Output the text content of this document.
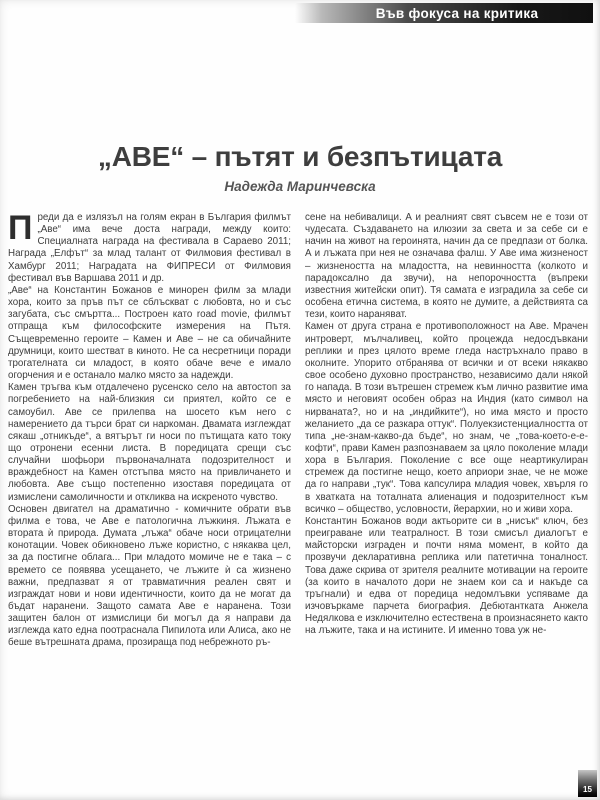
Във фокуса на критика
„АВЕ“ – пътят и безпътицата
Надежда Маринчевска

Преди да е излязъл на голям екран в България филмът „Аве“ има вече доста награди, между които: Специалната награда на фестивала в Сараево 2011; Награда „Елфът“ за млад талант от Филмовия фестивал в Хамбург 2011; Наградата на ФИПРЕСИ от Филмовия фестивал във Варшава 2011 и др.

„Аве“ на Константин Божанов е минорен филм за млади хора, които за пръв път се сблъскват с любовта, но и със загубата, със смъртта... Построен като road movie, филмът отпраща към философските измерения на Пътя. Същевременно героите – Камен и Аве – не са обичайните друмници, които шестват в киното. Не са несретници поради трогателната си младост, в която обаче вече е имало огорчения и е останало малко място за надежди.

Камен тръгва към отдалечено русенско село на автостоп за погребението на най-близкия си приятел, който се е самоубил. Аве се прилепва на шосето към него с намерението да търси брат си наркоман. Двамата изглеждат сякаш „отникъде“, а вятърът ги носи по пътищата като току що отронени есенни листа. В поредицата срещи със случайни шофьори първоначалната подозрителност и враждебност на Камен отстъпва място на привличането и любовта. Аве също постепенно изоставя поредицата от измислени самоличности и откликва на искреното чувство.

Основен двигател на драматично - комичните обрати във филма е това, че Аве е патологична лъжкиня. Лъжата е втората ѝ природа. Думата „лъжа“ обаче носи отрицателни конотации. Човек обикновено лъже користно, с някаква цел, за да постигне облага... При младото момиче не е така – с времето се появява усещането, че лъжите ѝ са жизнено важни, предпазват я от травматичния реален свят и изграждат нови и нови идентичности, които да не могат да бъдат наранени. Защото самата Аве е наранена. Този защитен балон от измислици би могъл да я направи да изглежда като една поотраснала Пипилота или Алиса, ако не беше вътрешната драма, прозираща под небрежното ръ-

сене на небивалици. А и реалният свят съвсем не е този от чудесата. Създаването на илюзии за света и за себе си е начин на живот на героинята, начин да се предпази от болка. А и лъжата при нея не означава фалш. У Аве има жизненост – жизнеността на младостта, на невинността (колкото и парадоксално да звучи), на непорочността (въпреки известния житейски опит). Тя самата е изградила за себе си особена етична система, в която не думите, а действията са тези, които нараняват.

Камен от друга страна е противоположност на Аве. Мрачен интроверт, мълчаливец, който процежда недосдъвкани реплики и през цялото време гледа настръхнало право в околните. Упорито отбранява от всички и от всеки някакво свое особено духовно пространство, независимо дали някой го напада. В този вътрешен стремеж към лично развитие има място и неговият особен образ на Индия (като символ на нирваната?, но и на „индийките“), но има място и просто желанието „да се разкара оттук“. Полуекзистенциалността от типа „не-знам-какво-да бъде“, но знам, че „това-което-е-е-кофти“, прави Камен разпознаваем за цяло поколение млади хора в България. Поколение с все още неартикулиран стремеж да постигне нещо, което априори знае, че не може да го направи „тук“. Това капсулира младия човек, хвърля го в хватката на тоталната алиенация и подозрителност към всичко – общество, условности, йерархии, но и живи хора.

Константин Божанов води актьорите си в „нисък“ ключ, без преиграване или театралност. В този смисъл диалогът е майсторски изграден и почти няма момент, в който да прозвучи декларативна реплика или патетична тоналност. Това даже скрива от зрителя реалните мотивации на героите (за които в началото дори не знаем кои са и накъде са тръгнали) и едва от поредица недомлъвки успяваме да изчовъркаме парчета биография. Дебютантката Анжела Недялкова е изключително естествена в произнасянето както на лъжите, така и на истините. И именно това уж не-

15
